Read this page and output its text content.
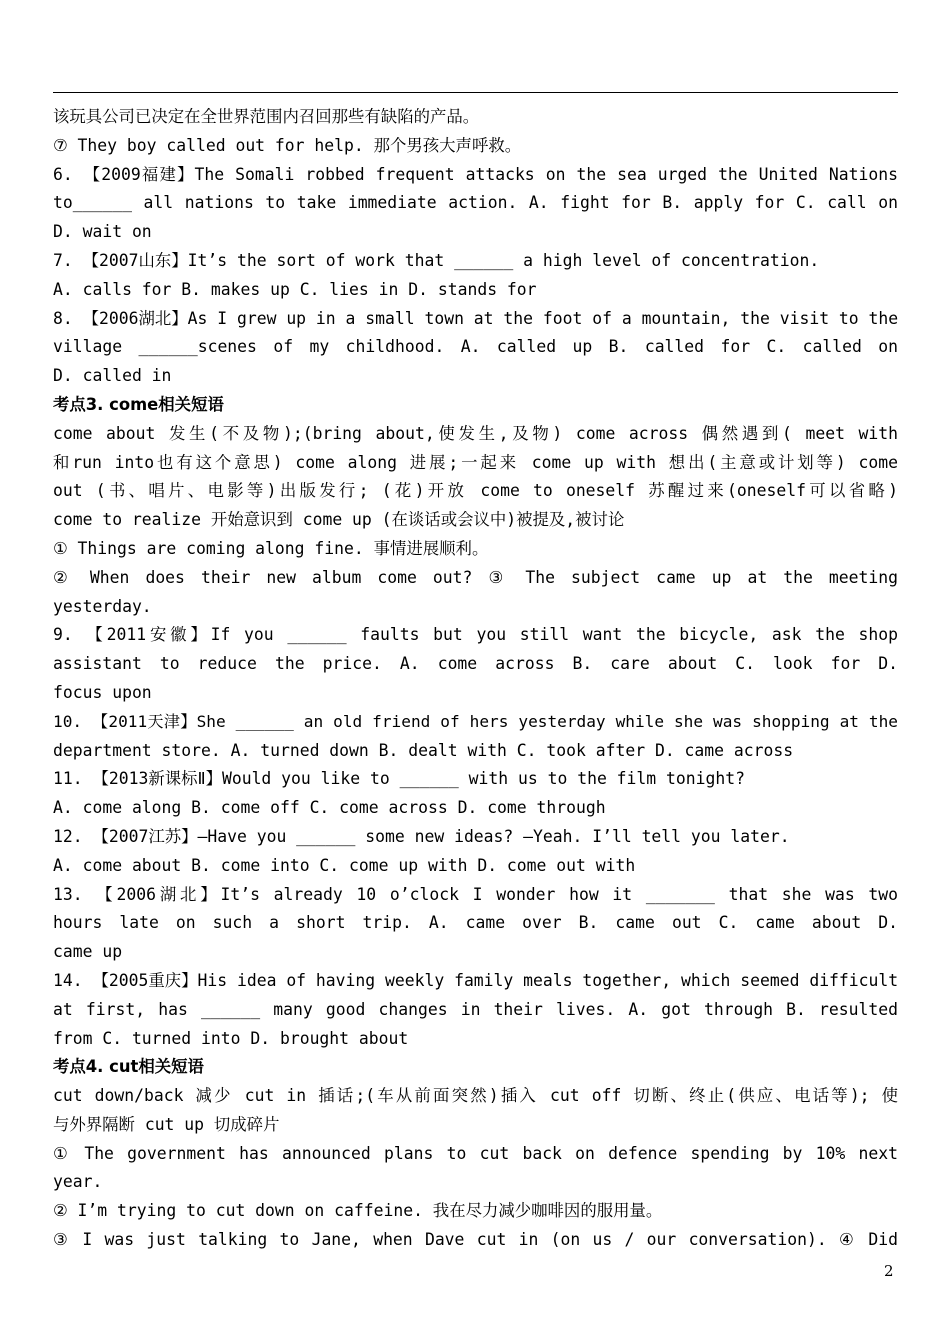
该玩具公司已决定在全世界范围内召回那些有缺陷的产品。
⑦ They boy called out for help. 那个男孩大声呼救。
6. 【2009福建】The Somali robbed frequent attacks on the sea urged the United Nations
to______ all nations to take immediate action. A. fight for B. apply for C. call on
D. wait on
7. 【2007山东】It’s the sort of work that ______ a high level of concentration.
A. calls for B. makes up C. lies in D. stands for
8. 【2006湖北】As I grew up in a small town at the foot of a mountain, the visit to the
village ______scenes of my childhood. A. called up B. called for C. called on
D. called in
考点3. come相关短语
come about 发生(不及物);(bring about,使发生,及物) come across 偶然遇到( meet with
和run into也有这个意思) come along 进展;一起来 come up with 想出(主意或计划等) come
out (书、唱片、电影等)出版发行; (花)开放 come to oneself 苏醒过来(oneself可以省略)
come to realize 开始意识到 come up (在谈话或会议中)被提及,被讨论
① Things are coming along fine. 事情进展顺利。
② When does their new album come out? ③ The subject came up at the meeting
yesterday.
9. 【2011安徽】If you ______ faults but you still want the bicycle, ask the shop
assistant to reduce the price. A. come across B. care about C. look for D.
focus upon
10. 【2011天津】She ______ an old friend of hers yesterday while she was shopping at the
department store. A. turned down B. dealt with C. took after D. came across
11. 【2013新课标Ⅱ】Would you like to ______ with us to the film tonight?
A. come along B. come off C. come across D. come through
12. 【2007江苏】—Have you ______ some new ideas? —Yeah. I’ll tell you later.
A. come about B. come into C. come up with D. come out with
13. 【2006湖北】It’s already 10 o’clock I wonder how it _______ that she was two
hours late on such a short trip. A. came over B. came out C. came about D.
came up
14. 【2005重庆】His idea of having weekly family meals together, which seemed difficult
at first, has ______ many good changes in their lives. A. got through B. resulted
from C. turned into D. brought about
考点4. cut相关短语
cut down/back 减少 cut in 插话;(车从前面突然)插入 cut off 切断、终止(供应、电话等); 使
与外界隔断 cut up 切成碎片
① The government has announced plans to cut back on defence spending by 10% next
year.
② I’m trying to cut down on caffeine. 我在尽力减少咖啡因的服用量。
③ I was just talking to Jane, when Dave cut in (on us / our conversation). ④ Did
2
